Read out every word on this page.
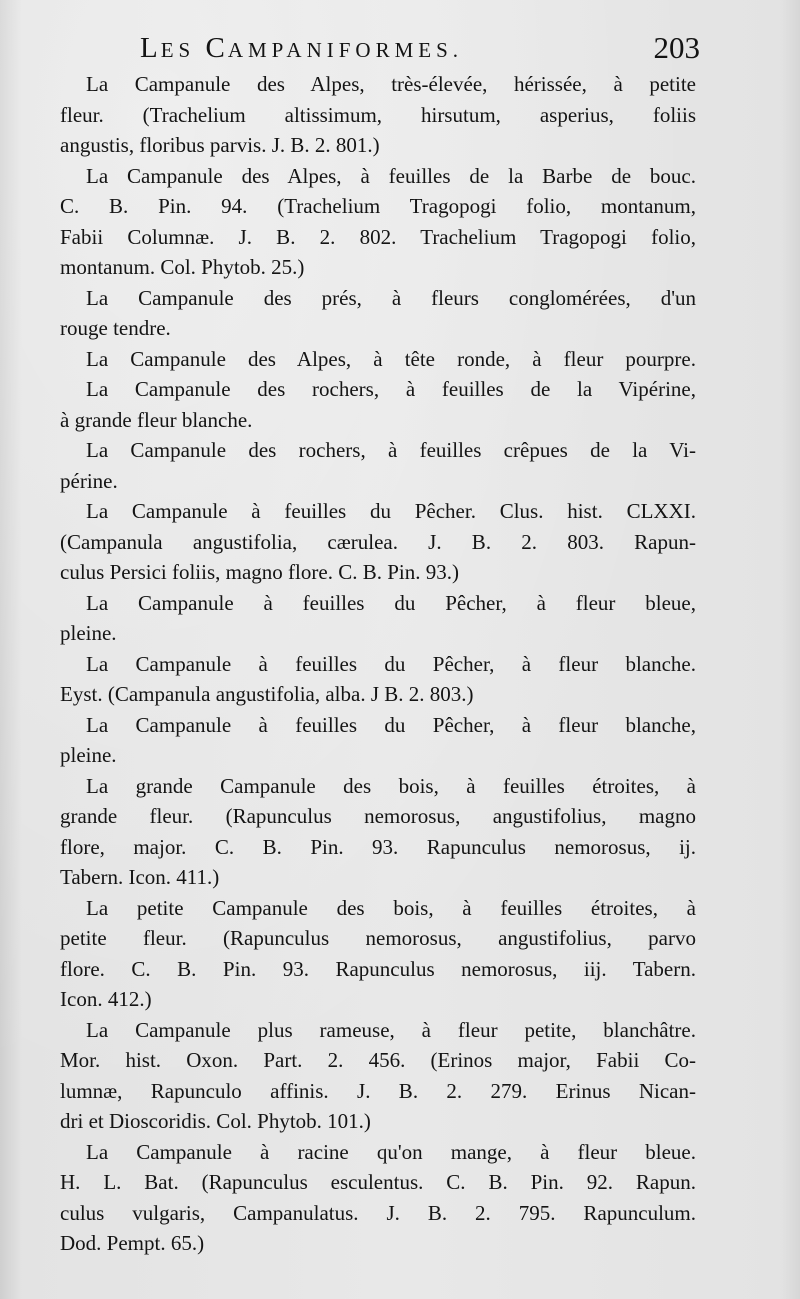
LES CAMPANIFORMES.	203
La Campanule des Alpes, très-élevée, hérissée, à petite
fleur. (Trachelium altissimum, hirsutum, asperius, foliis
angustis, floribus parvis. J. B. 2. 801.)
La Campanule des Alpes, à feuilles de la Barbe de bouc.
C. B. Pin. 94. (Trachelium Tragopogi folio, montanum,
Fabii Columnæ. J. B. 2. 802. Trachelium Tragopogi folio,
montanum. Col. Phytob. 25.)
La Campanule des prés, à fleurs conglomérées, d'un
rouge tendre.
La Campanule des Alpes, à tête ronde, à fleur pourpre.
La Campanule des rochers, à feuilles de la Vipérine,
à grande fleur blanche.
La Campanule des rochers, à feuilles crêpues de la Vi-
périne.
La Campanule à feuilles du Pêcher. Clus. hist. CLXXI.
(Campanula angustifolia, cærulea. J. B. 2. 803. Rapun-
culus Persici foliis, magno flore. C. B. Pin. 93.)
La Campanule à feuilles du Pêcher, à fleur bleue,
pleine.
La Campanule à feuilles du Pêcher, à fleur blanche.
Eyst. (Campanula angustifolia, alba. J B. 2. 803.)
La Campanule à feuilles du Pêcher, à fleur blanche,
pleine.
La grande Campanule des bois, à feuilles étroites, à
grande fleur. (Rapunculus nemorosus, angustifolius, magno
flore, major. C. B. Pin. 93. Rapunculus nemorosus, ij.
Tabern. Icon. 411.)
La petite Campanule des bois, à feuilles étroites, à
petite fleur. (Rapunculus nemorosus, angustifolius, parvo
flore. C. B. Pin. 93. Rapunculus nemorosus, iij. Tabern.
Icon. 412.)
La Campanule plus rameuse, à fleur petite, blanchâtre.
Mor. hist. Oxon. Part. 2. 456. (Erinos major, Fabii Co-
lumnæ, Rapunculo affinis. J. B. 2. 279. Erinus Nican-
dri et Dioscoridis. Col. Phytob. 101.)
La Campanule à racine qu'on mange, à fleur bleue.
H. L. Bat. (Rapunculus esculentus. C. B. Pin. 92. Rapun.
culus vulgaris, Campanulatus. J. B. 2. 795. Rapunculum.
Dod. Pempt. 65.)
